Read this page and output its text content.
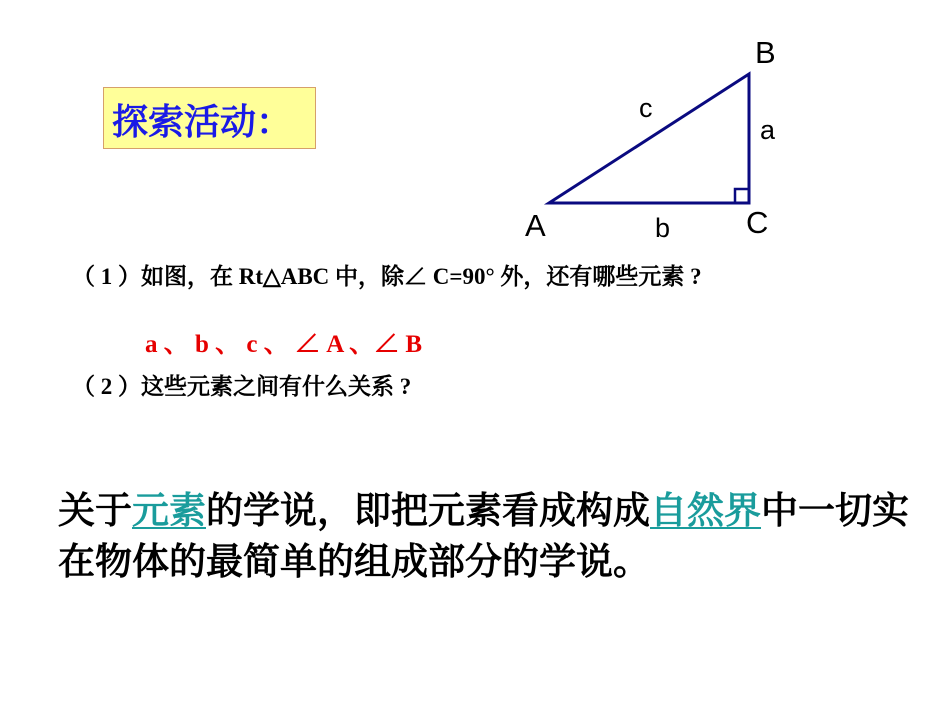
探索活动：
B
c
a
A	b C
（ 1 ）如图，在 Rt△ABC 中，除∠ C=90° 外，还有哪些元素 ?
a 、 b 、 c 、 ∠ A 、∠ B
（ 2 ）这些元素之间有什么关系 ?
关于元素的学说，即把元素看成构成自然界中一切实在物体的最简单的组成部分的学说。
